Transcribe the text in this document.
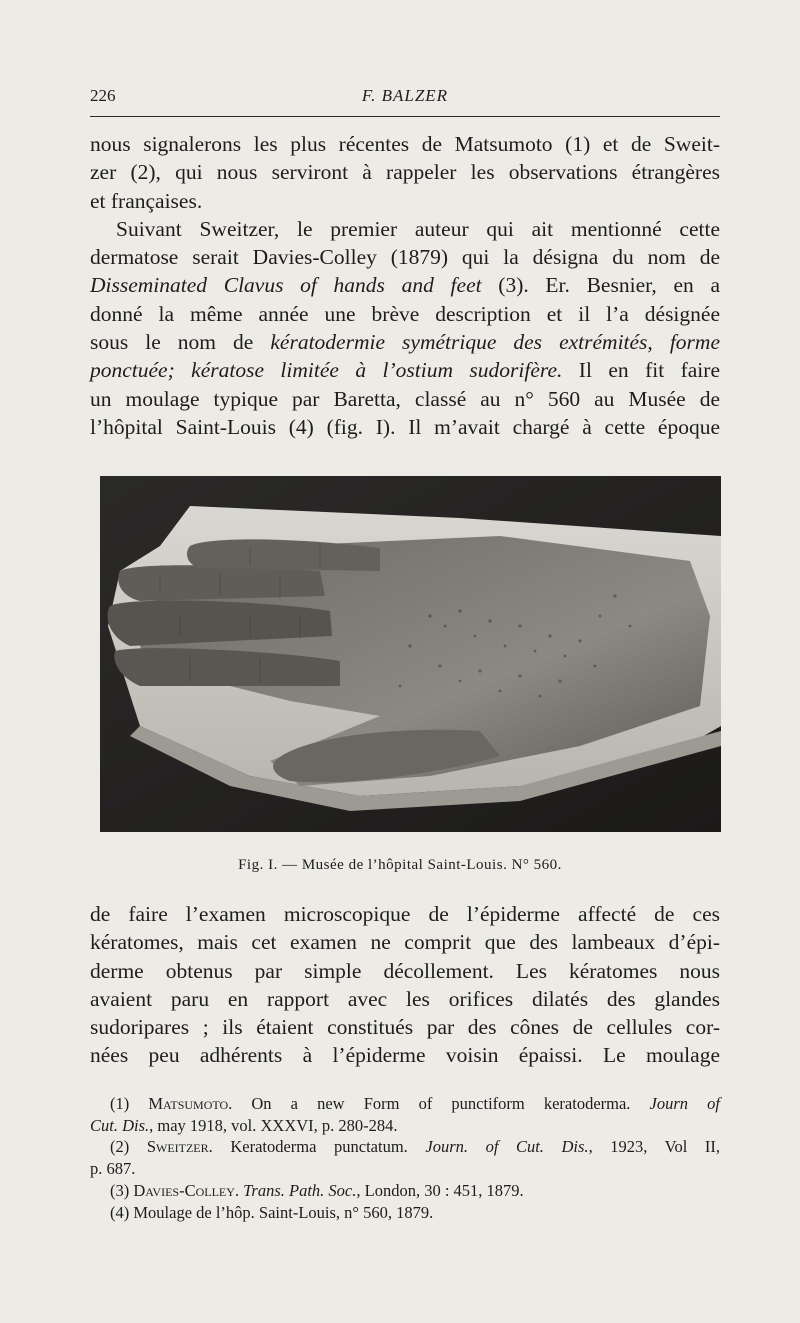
226	F. BALZER
nous signalerons les plus récentes de Matsumoto (1) et de Sweit-
zer (2), qui nous serviront à rappeler les observations étrangères
et françaises.
Suivant Sweitzer, le premier auteur qui ait mentionné cette
dermatose serait Davies-Colley (1879) qui la désigna du nom de
Disseminated Clavus of hands and feet (3). Er. Besnier, en a
donné la même année une brève description et il l’a désignée
sous le nom de kératodermie symétrique des extrémités, forme
ponctuée; kératose limitée à l’ostium sudorifère. Il en fit faire
un moulage typique par Baretta, classé au n° 560 au Musée de
l’hôpital Saint-Louis (4) (fig. I). Il m’avait chargé à cette époque
Fig. I. — Musée de l’hôpital Saint-Louis. N° 560.
de faire l’examen microscopique de l’épiderme affecté de ces
kératomes, mais cet examen ne comprit que des lambeaux d’épi-
derme obtenus par simple décollement. Les kératomes nous
avaient paru en rapport avec les orifices dilatés des glandes
sudoripares ; ils étaient constitués par des cônes de cellules cor-
nées peu adhérents à l’épiderme voisin épaissi. Le moulage
(1) Matsumoto. On a new Form of punctiform keratoderma. Journ of
Cut. Dis., may 1918, vol. XXXVI, p. 280-284.
(2) Sweitzer. Keratoderma punctatum. Journ. of Cut. Dis., 1923, Vol II,
p. 687.
(3) Davies-Colley. Trans. Path. Soc., London, 30 : 451, 1879.
(4) Moulage de l’hôp. Saint-Louis, n° 560, 1879.
